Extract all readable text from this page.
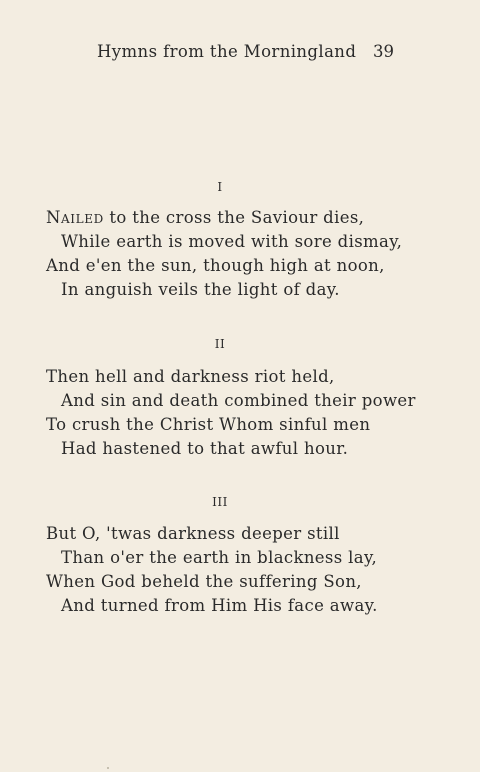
Hymns from the Morningland 39
I
Nailed to the cross the Saviour dies,
While earth is moved with sore dismay,
And e'en the sun, though high at noon,
In anguish veils the light of day.
II
Then hell and darkness riot held,
And sin and death combined their power
To crush the Christ Whom sinful men
Had hastened to that awful hour.
III
But O, 'twas darkness deeper still
Than o'er the earth in blackness lay,
When God beheld the suffering Son,
And turned from Him His face away.
